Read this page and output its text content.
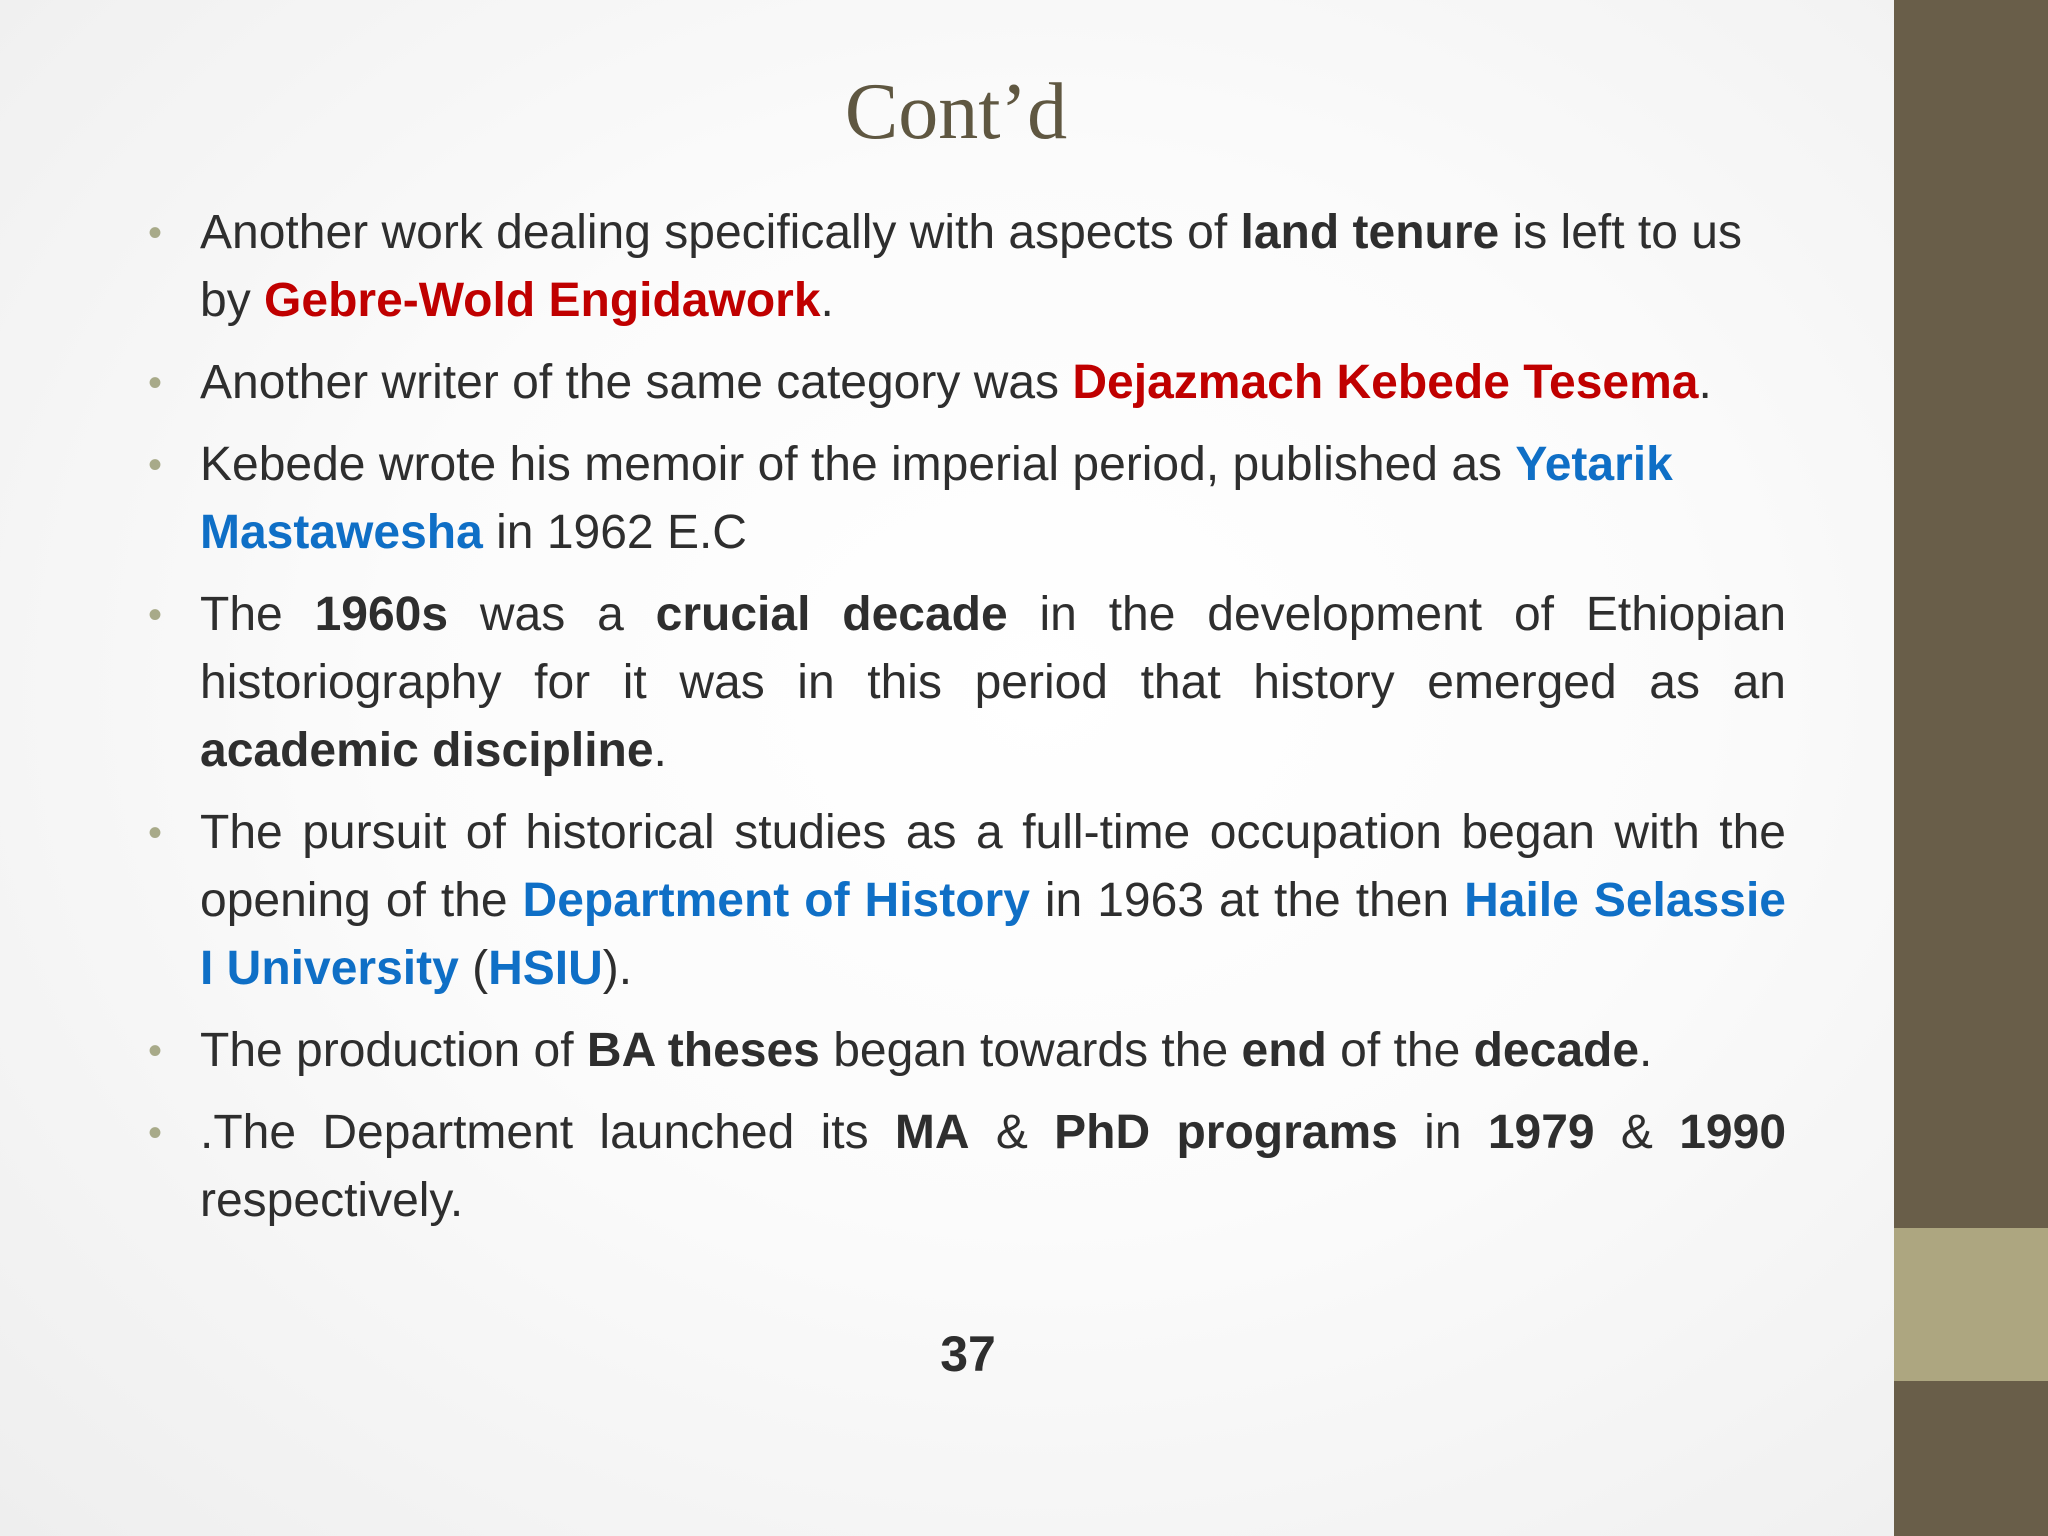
Cont’d
• Another work dealing specifically with aspects of land tenure is left to us by Gebre-Wold Engidawork.
• Another writer of the same category was Dejazmach Kebede Tesema.
• Kebede wrote his memoir of the imperial period, published as Yetarik Mastawesha in 1962 E.C
• The 1960s was a crucial decade in the development of Ethiopian historiography for it was in this period that history emerged as an academic discipline.
• The pursuit of historical studies as a full-time occupation began with the opening of the Department of History in 1963 at the then Haile Selassie I University (HSIU).
• The production of BA theses began towards the end of the decade.
• .The Department launched its MA & PhD programs in 1979 & 1990 respectively.
37
